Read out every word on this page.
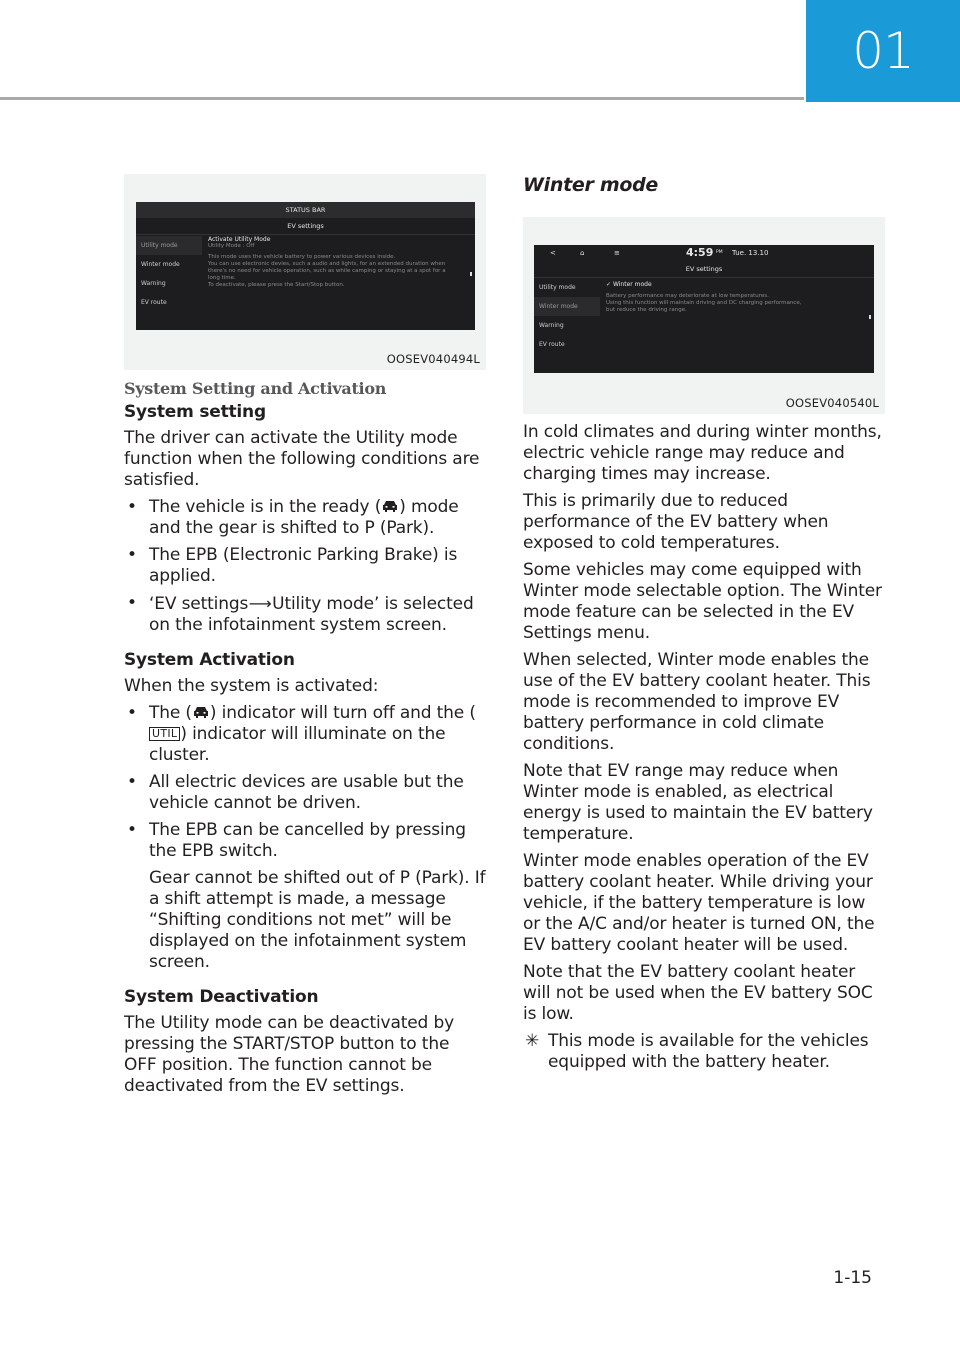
01
STATUS BAR
EV settings
Utility mode
Winter mode
Warning
EV route
Activate Utility Mode
Utility Mode : Off
This mode uses the vehicle battery to power various devices inside.
You can use electronic devies, such a audio and lights, for an extended duration when
there's no need for vehicle operation, such as while camping or staying at a spot for a
long time.
To deactivate, please press the Start/Stop button.
OOSEV040494L
System Setting and Activation
System setting

The driver can activate the Utility mode function when the following conditions are satisfied.

• The vehicle is in the ready ( ) mode and the gear is shifted to P (Park).
• The EPB (Electronic Parking Brake) is applied.
• ‘EV settings⟶Utility mode’ is selected on the infotainment system screen.
System Activation

When the system is activated:

• The ( ) indicator will turn off and the (UTIL ) indicator will illuminate on the cluster.
• All electric devices are usable but the vehicle cannot be driven.
• The EPB can be cancelled by pressing the EPB switch.

Gear cannot be shifted out of P (Park). If a shift attempt is made, a message “Shifting conditions not met” will be displayed on the infotainment system screen.

System Deactivation

The Utility mode can be deactivated by pressing the START/STOP button to the OFF position. The function cannot be deactivated from the EV settings.

Winter mode
<	⌂	≡	4:59 PM Tue. 13.10
EV settings
Utility mode
Winter mode
Warning
EV route
✓ Winter mode
Battery performance may deteriorate at low temperatures.
Using this function will maintain driving and DC charging performance,
but reduce the driving range.
OOSEV040540L

In cold climates and during winter months, electric vehicle range may reduce and charging times may increase.

This is primarily due to reduced performance of the EV battery when exposed to cold temperatures.

Some vehicles may come equipped with Winter mode selectable option. The Winter mode feature can be selected in the EV Settings menu.

When selected, Winter mode enables the use of the EV battery coolant heater. This mode is recommended to improve EV battery performance in cold climate conditions.

Note that EV range may reduce when Winter mode is enabled, as electrical energy is used to maintain the EV battery temperature.

Winter mode enables operation of the EV battery coolant heater. While driving your vehicle, if the battery temperature is low or the A/C and/or heater is turned ON, the EV battery coolant heater will be used.

Note that the EV battery coolant heater will not be used when the EV battery SOC is low.

✳ This mode is available for the vehicles equipped with the battery heater.
1-15
